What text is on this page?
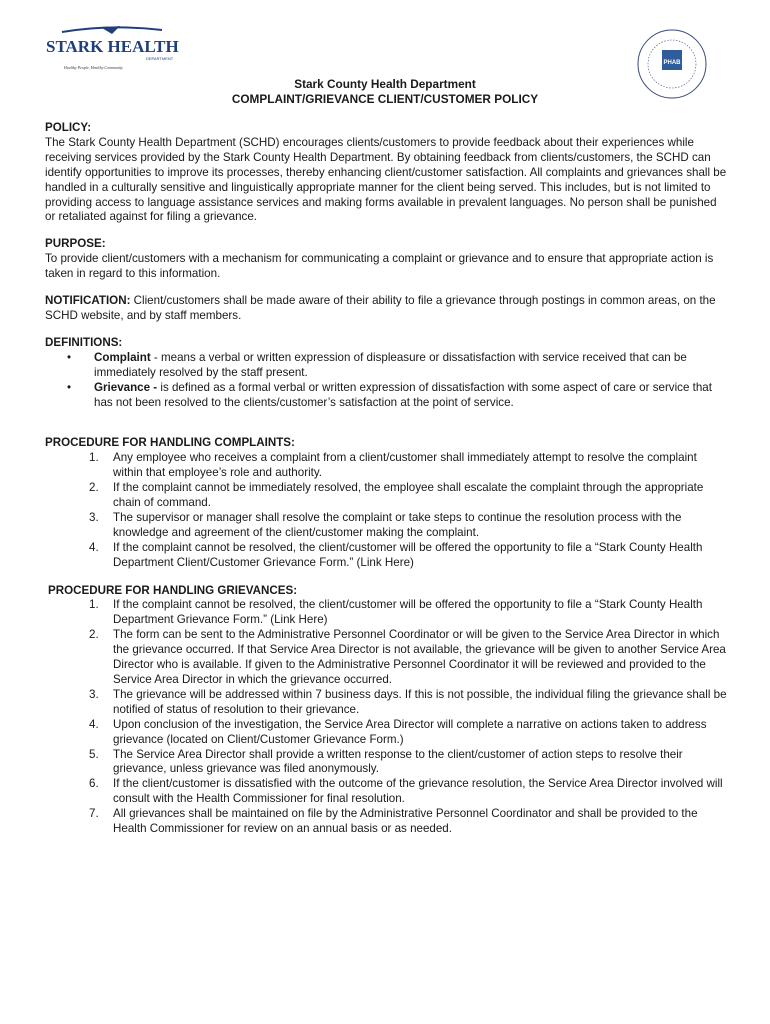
STARK HEALTH
DEPARTMENT
Healthy People, Healthy Community
PHAB
Stark County Health Department
COMPLAINT/GRIEVANCE CLIENT/CUSTOMER POLICY
POLICY:
The Stark County Health Department (SCHD) encourages clients/customers to provide feedback about their experiences while receiving services provided by the Stark County Health Department. By obtaining feedback from clients/customers, the SCHD can identify opportunities to improve its processes, thereby enhancing client/customer satisfaction. All complaints and grievances shall be handled in a culturally sensitive and linguistically appropriate manner for the client being served. This includes, but is not limited to providing access to language assistance services and making forms available in prevalent languages. No person shall be punished or retaliated against for filing a grievance.
PURPOSE:
To provide client/customers with a mechanism for communicating a complaint or grievance and to ensure that appropriate action is taken in regard to this information.
NOTIFICATION: Client/customers shall be made aware of their ability to file a grievance through postings in common areas, on the SCHD website, and by staff members.
DEFINITIONS:
• Complaint - means a verbal or written expression of displeasure or dissatisfaction with service received that can be immediately resolved by the staff present.
• Grievance - is defined as a formal verbal or written expression of dissatisfaction with some aspect of care or service that has not been resolved to the clients/customer’s satisfaction at the point of service.
PROCEDURE FOR HANDLING COMPLAINTS:
1. Any employee who receives a complaint from a client/customer shall immediately attempt to resolve the complaint within that employee’s role and authority.
2. If the complaint cannot be immediately resolved, the employee shall escalate the complaint through the appropriate chain of command.
3. The supervisor or manager shall resolve the complaint or take steps to continue the resolution process with the knowledge and agreement of the client/customer making the complaint.
4. If the complaint cannot be resolved, the client/customer will be offered the opportunity to file a “Stark County Health Department Client/Customer Grievance Form.” (Link Here)
PROCEDURE FOR HANDLING GRIEVANCES:
1. If the complaint cannot be resolved, the client/customer will be offered the opportunity to file a “Stark County Health Department Grievance Form.” (Link Here)
2. The form can be sent to the Administrative Personnel Coordinator or will be given to the Service Area Director in which the grievance occurred. If that Service Area Director is not available, the grievance will be given to another Service Area Director who is available. If given to the Administrative Personnel Coordinator it will be reviewed and provided to the Service Area Director in which the grievance occurred.
3. The grievance will be addressed within 7 business days. If this is not possible, the individual filing the grievance shall be notified of status of resolution to their grievance.
4. Upon conclusion of the investigation, the Service Area Director will complete a narrative on actions taken to address grievance (located on Client/Customer Grievance Form.)
5. The Service Area Director shall provide a written response to the client/customer of action steps to resolve their grievance, unless grievance was filed anonymously.
6. If the client/customer is dissatisfied with the outcome of the grievance resolution, the Service Area Director involved will consult with the Health Commissioner for final resolution.
7. All grievances shall be maintained on file by the Administrative Personnel Coordinator and shall be provided to the Health Commissioner for review on an annual basis or as needed.
